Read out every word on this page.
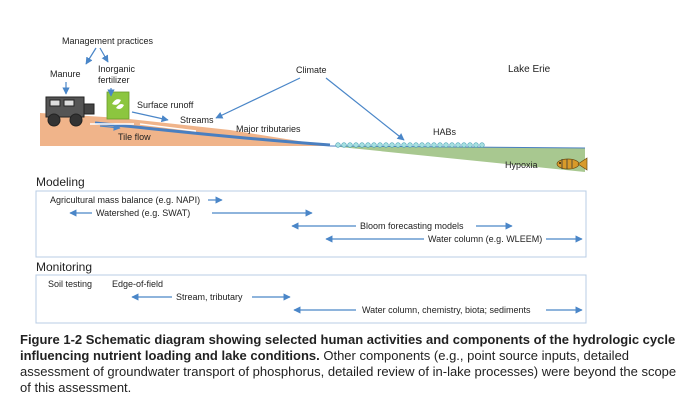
Management practices
Manure Inorganic
fertilizer
Surface runoff
Streams
Major tributaries
Tile flow
Climate	Lake Erie
HABs
Hypoxia
Modeling
Agricultural mass balance (e.g. NAPI)
Watershed (e.g. SWAT)
Bloom forecasting models
Water column (e.g. WLEEM)
Monitoring
Soil testing Edge-of-field
Stream, tributary
Water column, chemistry, biota; sediments
Figure 1-2 Schematic diagram showing selected human activities and components of the hydrologic cycle influencing nutrient loading and lake conditions. Other components (e.g., point source inputs, detailed assessment of groundwater transport of phosphorus, detailed review of in-lake processes) were beyond the scope of this assessment.
